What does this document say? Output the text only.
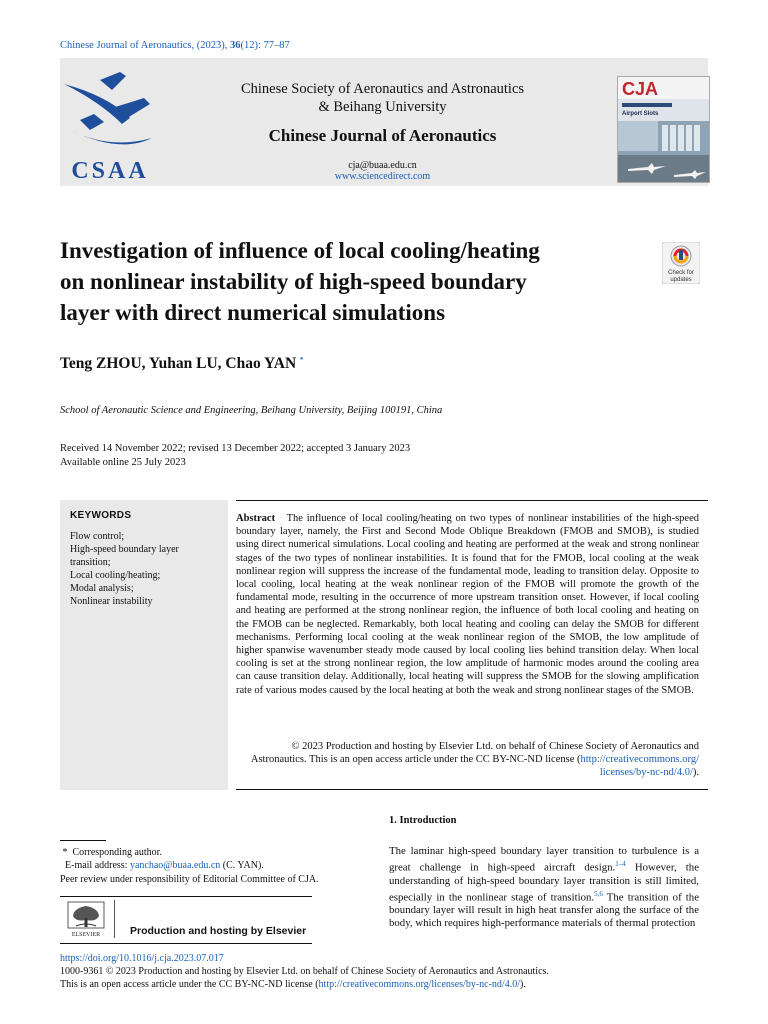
Chinese Journal of Aeronautics, (2023), 36(12): 77–87
CSAA
Chinese Society of Aeronautics and Astronautics
& Beihang University
Chinese Journal of Aeronautics
cja@buaa.edu.cn
www.sciencedirect.com
CJA
Airport Slots
Investigation of influence of local cooling/heating
on nonlinear instability of high-speed boundary
layer with direct numerical simulations
Check for
updates
Teng ZHOU, Yuhan LU, Chao YAN *
School of Aeronautic Science and Engineering, Beihang University, Beijing 100191, China
Received 14 November 2022; revised 13 December 2022; accepted 3 January 2023
Available online 25 July 2023
KEYWORDS
Flow control;
High-speed boundary layer transition;
Local cooling/heating;
Modal analysis;
Nonlinear instability
Abstract The influence of local cooling/heating on two types of nonlinear instabilities of the high-speed boundary layer, namely, the First and Second Mode Oblique Breakdown (FMOB and SMOB), is studied using direct numerical simulations. Local cooling and heating are performed at the weak and strong nonlinear stages of the two types of nonlinear instabilities. It is found that for the FMOB, local cooling at the weak nonlinear region will suppress the increase of the fundamental mode, leading to transition delay. Opposite to local cooling, local heating at the weak nonlinear region of the FMOB will promote the growth of the fundamental mode, resulting in the occurrence of more upstream transition onset. However, if local cooling and heating are performed at the strong nonlinear region, the influence of both local cooling and heating on the FMOB can be neglected. Remarkably, both local heating and cooling can delay the SMOB for different mechanisms. Performing local cooling at the weak nonlinear region of the SMOB, the low amplitude of higher spanwise wavenumber steady mode caused by local cooling lies behind transition delay. When local cooling is set at the strong nonlinear region, the low amplitude of harmonic modes around the cooling area can cause transition delay. Additionally, local heating will suppress the SMOB for the slowing amplification rate of various modes caused by the local heating at both the weak and strong nonlinear stages of the SMOB.
© 2023 Production and hosting by Elsevier Ltd. on behalf of Chinese Society of Aeronautics and Astronautics. This is an open access article under the CC BY-NC-ND license (http://creativecommons.org/
licenses/by-nc-nd/4.0/).
1. Introduction
The laminar high-speed boundary layer transition to turbulence is a great challenge in high-speed aircraft design.$^{1-4}$ However, the understanding of high-speed boundary layer transition is still limited, especially in the nonlinear stage of transition.$^{5,6}$ The transition of the boundary layer will result in high heat transfer along the surface of the body, which requires high-performance materials of thermal protection
* Corresponding author.
E-mail address: yanchao@buaa.edu.cn (C. YAN).
Peer review under responsibility of Editorial Committee of CJA.
ELSEVIER	Production and hosting by Elsevier
https://doi.org/10.1016/j.cja.2023.07.017
1000-9361 © 2023 Production and hosting by Elsevier Ltd. on behalf of Chinese Society of Aeronautics and Astronautics.
This is an open access article under the CC BY-NC-ND license (http://creativecommons.org/licenses/by-nc-nd/4.0/).
